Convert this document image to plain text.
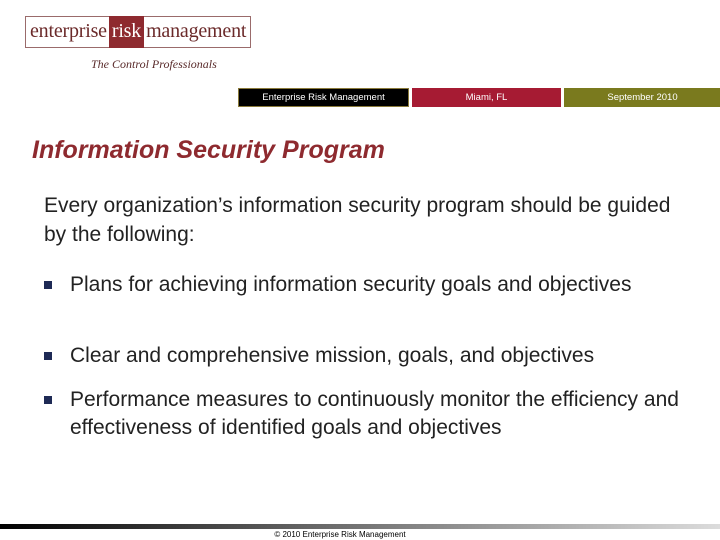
enterprise risk management
The Control Professionals
Enterprise Risk Management	Miami, FL	September 2010
Information Security Program
Every organization’s information security program should be guided by the following:
Plans for achieving information security goals and objectives
Clear and comprehensive mission, goals, and objectives
Performance measures to continuously monitor the efficiency and effectiveness of identified goals and objectives
© 2010 Enterprise Risk Management
